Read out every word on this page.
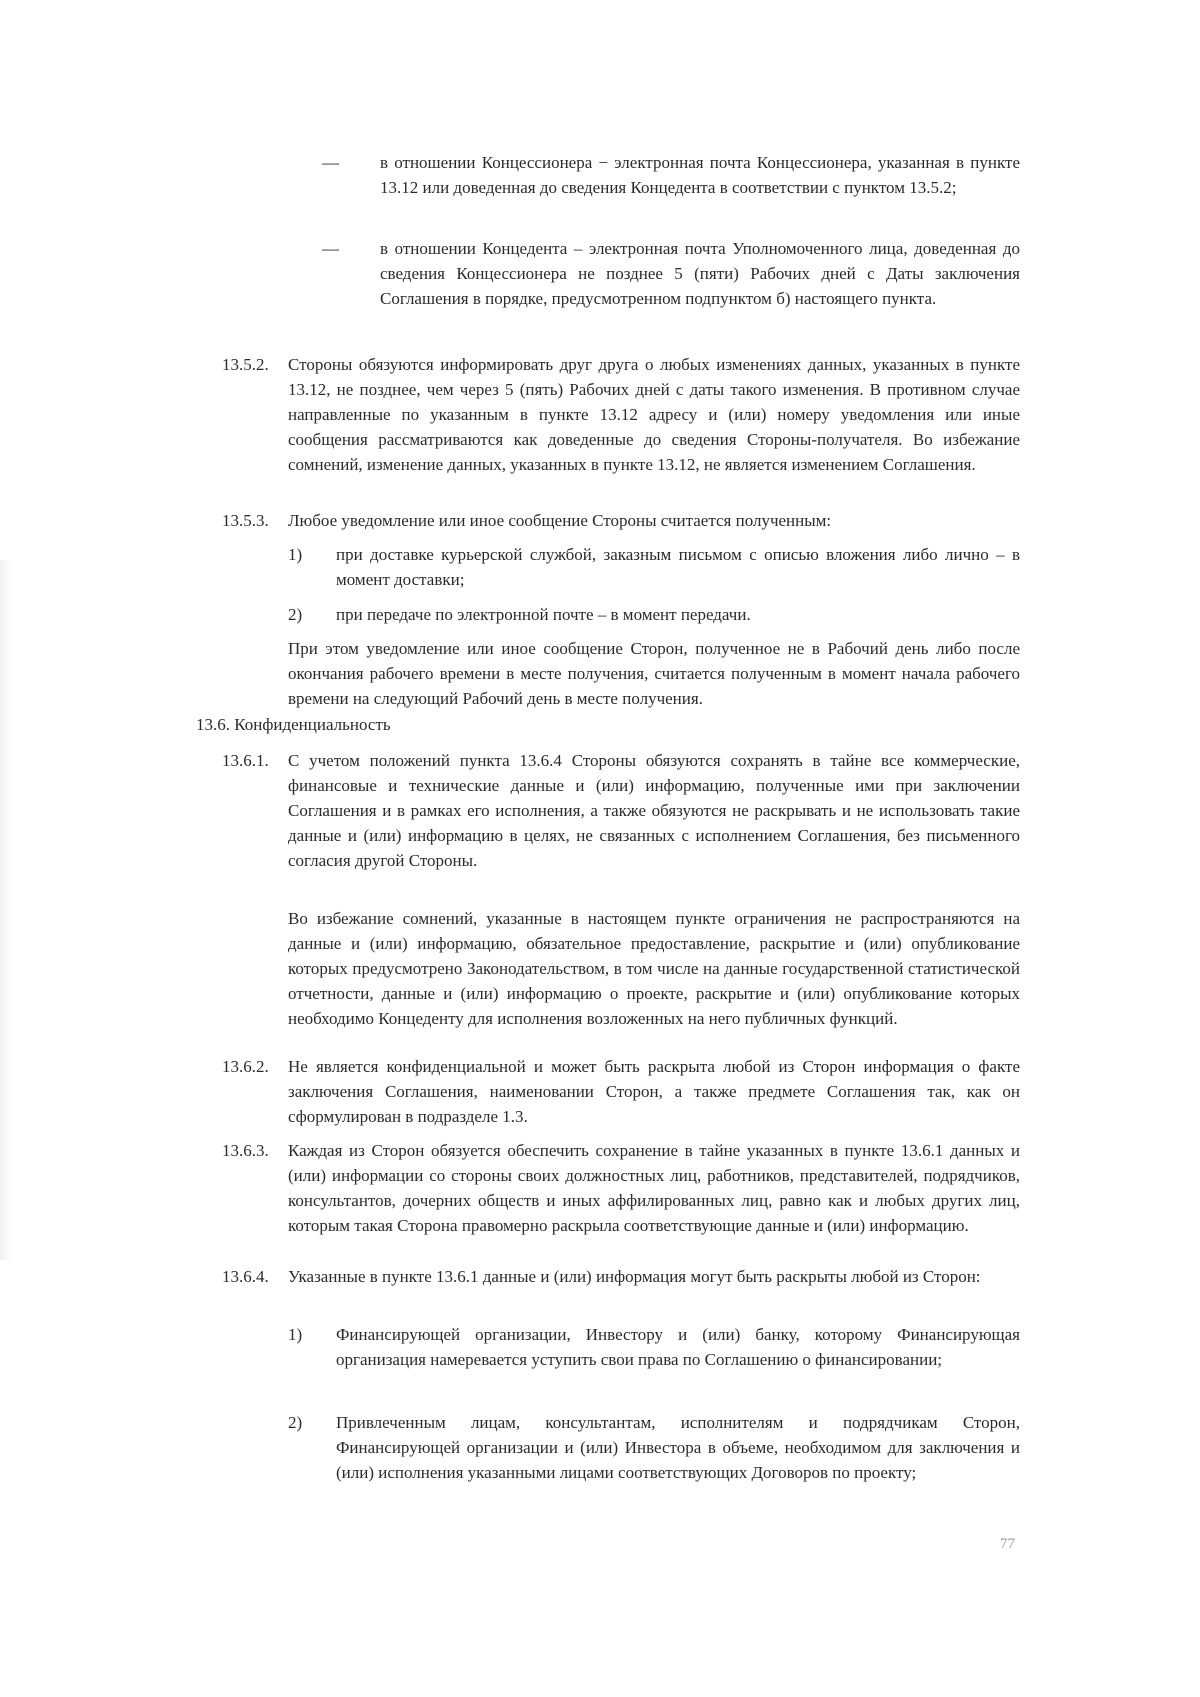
— в отношении Концессионера − электронная почта Концессионера, указанная в пункте 13.12 или доведенная до сведения Концедента в соответствии с пунктом 13.5.2;
— в отношении Концедента – электронная почта Уполномоченного лица, доведенная до сведения Концессионера не позднее 5 (пяти) Рабочих дней с Даты заключения Соглашения в порядке, предусмотренном подпунктом б) настоящего пункта.
13.5.2. Стороны обязуются информировать друг друга о любых изменениях данных, указанных в пункте 13.12, не позднее, чем через 5 (пять) Рабочих дней с даты такого изменения. В противном случае направленные по указанным в пункте 13.12 адресу и (или) номеру уведомления или иные сообщения рассматриваются как доведенные до сведения Стороны-получателя. Во избежание сомнений, изменение данных, указанных в пункте 13.12, не является изменением Соглашения.
13.5.3. Любое уведомление или иное сообщение Стороны считается полученным:
1) при доставке курьерской службой, заказным письмом с описью вложения либо лично – в момент доставки;
2) при передаче по электронной почте – в момент передачи.
При этом уведомление или иное сообщение Сторон, полученное не в Рабочий день либо после окончания рабочего времени в месте получения, считается полученным в момент начала рабочего времени на следующий Рабочий день в месте получения.
13.6. Конфиденциальность
13.6.1. С учетом положений пункта 13.6.4 Стороны обязуются сохранять в тайне все коммерческие, финансовые и технические данные и (или) информацию, полученные ими при заключении Соглашения и в рамках его исполнения, а также обязуются не раскрывать и не использовать такие данные и (или) информацию в целях, не связанных с исполнением Соглашения, без письменного согласия другой Стороны.
Во избежание сомнений, указанные в настоящем пункте ограничения не распространяются на данные и (или) информацию, обязательное предоставление, раскрытие и (или) опубликование которых предусмотрено Законодательством, в том числе на данные государственной статистической отчетности, данные и (или) информацию о проекте, раскрытие и (или) опубликование которых необходимо Концеденту для исполнения возложенных на него публичных функций.
13.6.2. Не является конфиденциальной и может быть раскрыта любой из Сторон информация о факте заключения Соглашения, наименовании Сторон, а также предмете Соглашения так, как он сформулирован в подразделе 1.3.
13.6.3. Каждая из Сторон обязуется обеспечить сохранение в тайне указанных в пункте 13.6.1 данных и (или) информации со стороны своих должностных лиц, работников, представителей, подрядчиков, консультантов, дочерних обществ и иных аффилированных лиц, равно как и любых других лиц, которым такая Сторона правомерно раскрыла соответствующие данные и (или) информацию.
13.6.4. Указанные в пункте 13.6.1 данные и (или) информация могут быть раскрыты любой из Сторон:
1) Финансирующей организации, Инвестору и (или) банку, которому Финансирующая организация намеревается уступить свои права по Соглашению о финансировании;
2) Привлеченным лицам, консультантам, исполнителям и подрядчикам Сторон, Финансирующей организации и (или) Инвестора в объеме, необходимом для заключения и (или) исполнения указанными лицами соответствующих Договоров по проекту;
77
